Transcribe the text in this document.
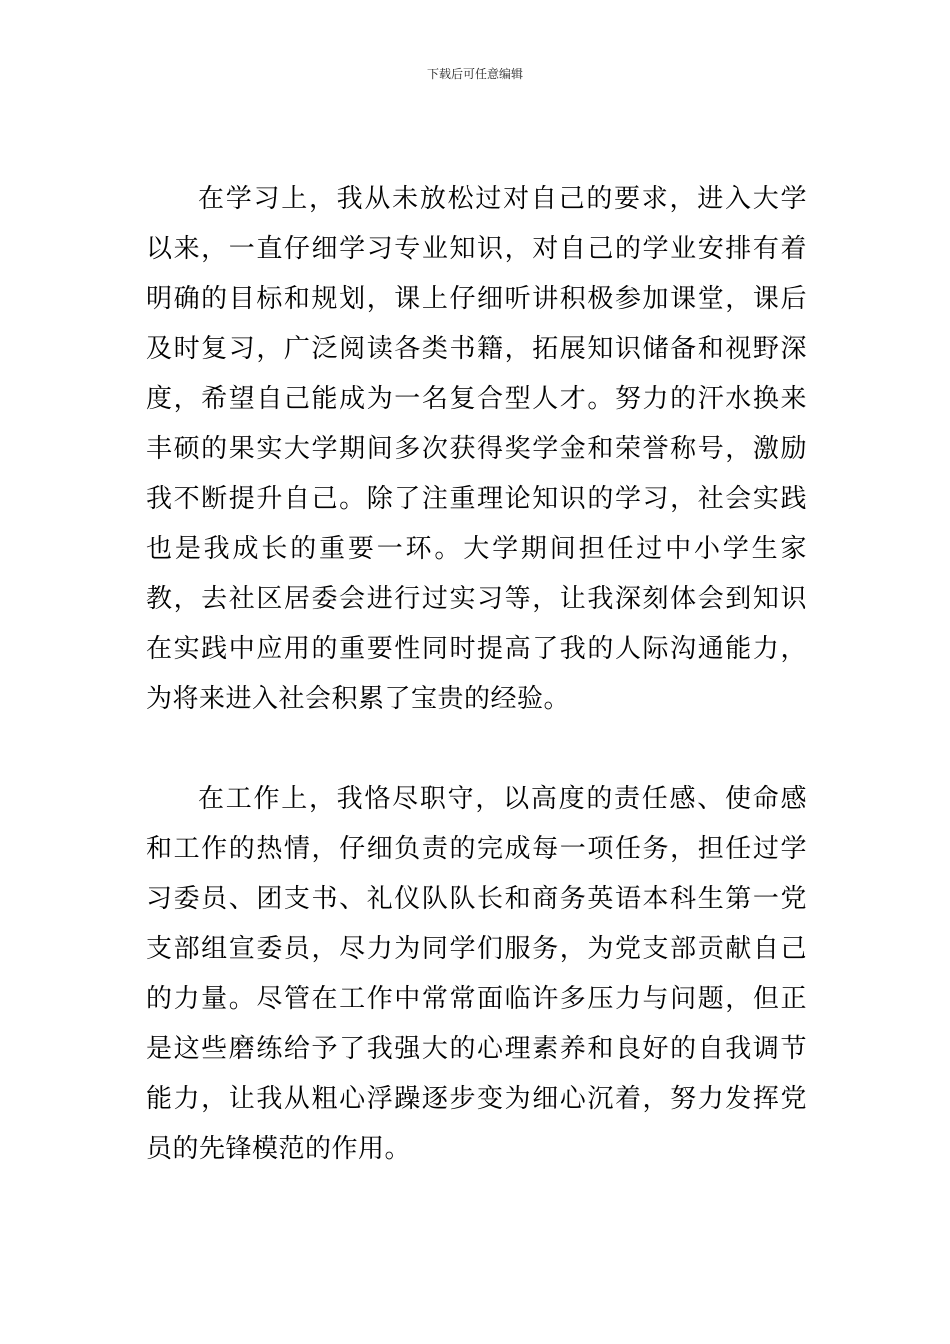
下载后可任意编辑

在学习上，我从未放松过对自己的要求，进入大学以来，一直仔细学习专业知识，对自己的学业安排有着明确的目标和规划，课上仔细听讲积极参加课堂，课后及时复习，广泛阅读各类书籍，拓展知识储备和视野深度，希望自己能成为一名复合型人才。努力的汗水换来丰硕的果实大学期间多次获得奖学金和荣誉称号，激励我不断提升自己。除了注重理论知识的学习，社会实践也是我成长的重要一环。大学期间担任过中小学生家教，去社区居委会进行过实习等，让我深刻体会到知识在实践中应用的重要性同时提高了我的人际沟通能力，为将来进入社会积累了宝贵的经验。

在工作上，我恪尽职守，以高度的责任感、使命感和工作的热情，仔细负责的完成每一项任务，担任过学习委员、团支书、礼仪队队长和商务英语本科生第一党支部组宣委员，尽力为同学们服务，为党支部贡献自己的力量。尽管在工作中常常面临许多压力与问题，但正是这些磨练给予了我强大的心理素养和良好的自我调节能力，让我从粗心浮躁逐步变为细心沉着，努力发挥党员的先锋模范的作用。
